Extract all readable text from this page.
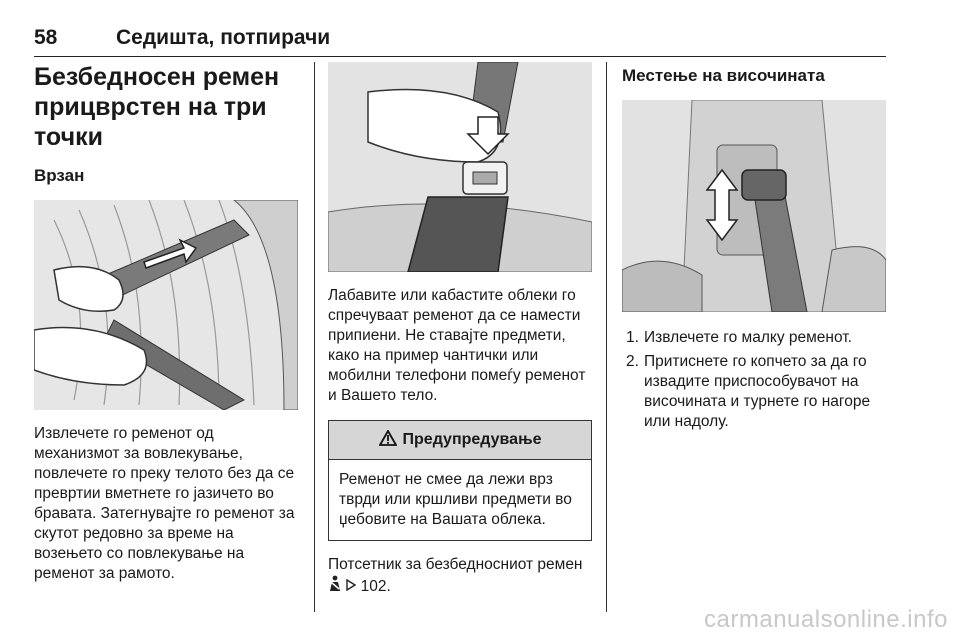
58	Седишта, потпирачи
Безбедносен ремен
прицврстен на три точки
Врзан

Извлечете го ременот од механизмот за вовлекување, повлечете го преку телото без да се превртии вметнете го јазичето во бравата. Затегнувајте го ременот за скутот редовно за време на возењето со повлекување на ременот за рамото.

Лабавите или кабастите облеки го спречуваат ременот да се намести припиени. Не ставајте предмети, како на пример чантички или мобилни телефони помеѓу ременот и Вашето тело.

Предупредување
Ременот не смее да лежи врз тврди или кршливи предмети во џебовите на Вашата облека.

Потсетник за безбедносниот ремен
102.

Местење на височината
1. Извлечете го малку ременот.
2. Притиснете го копчето за да го извадите приспособувачот на височината и турнете го нагоре или надолу.
carmanualsonline.info
